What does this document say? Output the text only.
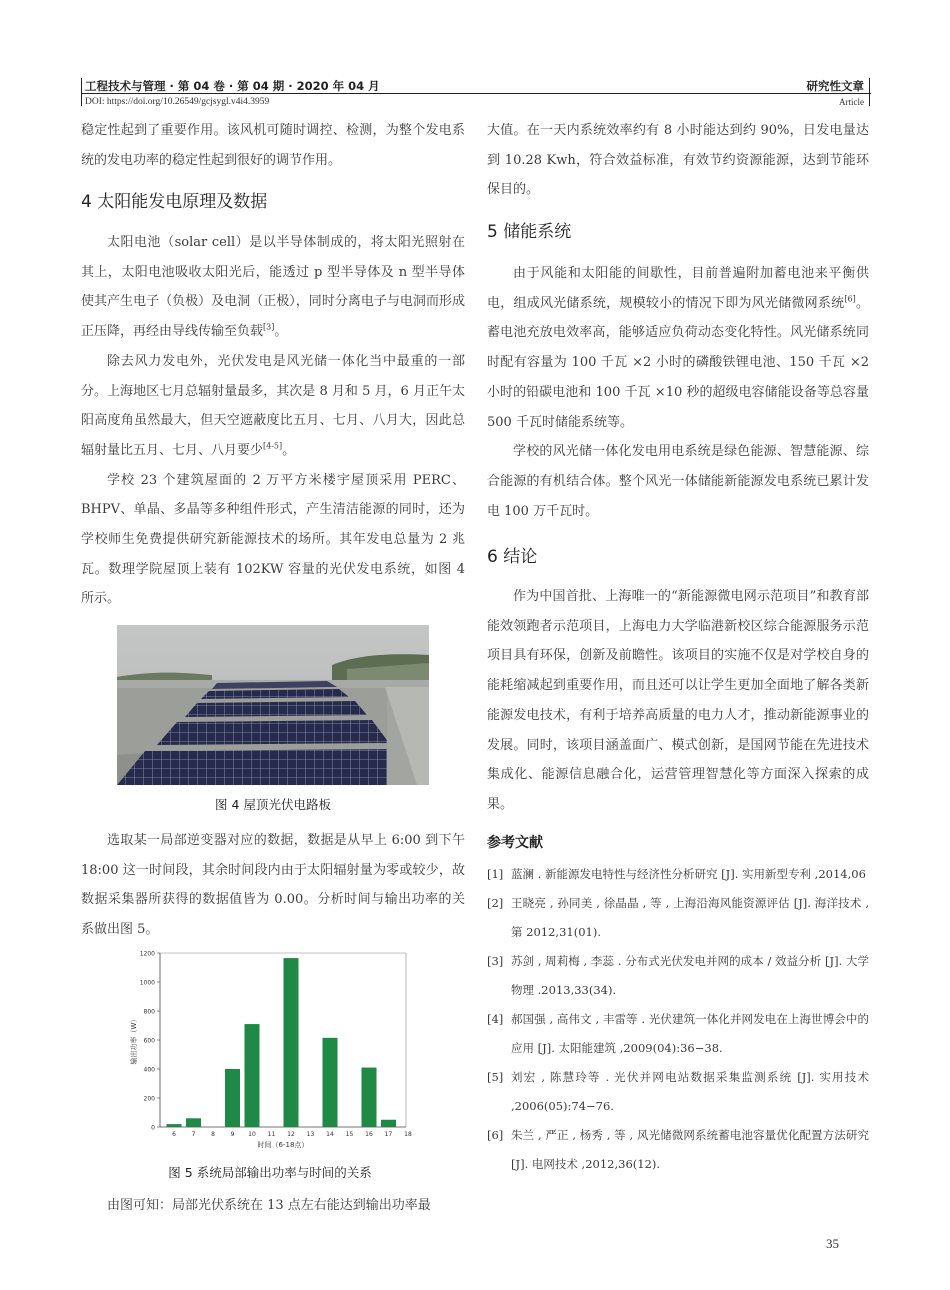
工程技术与管理 · 第 04 卷 · 第 04 期 · 2020 年 04 月
DOI: https://doi.org/10.26549/gcjsygl.v4i4.3959
研究性文章
Article

稳定性起到了重要作用。该风机可随时调控、检测，为整个发电系统的发电功率的稳定性起到很好的调节作用。

4 太阳能发电原理及数据

太阳电池（solar cell）是以半导体制成的，将太阳光照射在其上，太阳电池吸收太阳光后，能透过 p 型半导体及 n 型半导体使其产生电子（负极）及电洞（正极），同时分离电子与电洞而形成正压降，再经由导线传输至负载[3]。

除去风力发电外，光伏发电是风光储一体化当中最重的一部分。上海地区七月总辐射量最多，其次是 8 月和 5 月，6 月正午太阳高度角虽然最大，但天空遮蔽度比五月、七月、八月大，因此总辐射量比五月、七月、八月要少[4-5]。

学校 23 个建筑屋面的 2 万平方米楼宇屋顶采用 PERC、BHPV、单晶、多晶等多种组件形式，产生清洁能源的同时，还为学校师生免费提供研究新能源技术的场所。其年发电总量为 2 兆瓦。数理学院屋顶上装有 102KW 容量的光伏发电系统，如图 4 所示。

图 4 屋顶光伏电路板

选取某一局部逆变器对应的数据，数据是从早上 6:00 到下午 18:00 这一时间段，其余时间段内由于太阳辐射量为零或较少，故数据采集器所获得的数据值皆为 0.00。分析时间与输出功率的关系做出图 5。

0
200
400
600
800
1000
1200
6	7	8	9 10 11 12 13 14 15 16 17 18
时间（6-18点）
输出功率（W）
图 5 系统局部输出功率与时间的关系

由图可知：局部光伏系统在 13 点左右能达到输出功率最

大值。在一天内系统效率约有 8 小时能达到约 90%，日发电量达到 10.28 Kwh，符合效益标准，有效节约资源能源，达到节能环保目的。

5 储能系统

由于风能和太阳能的间歇性，目前普遍附加蓄电池来平衡供电，组成风光储系统，规模较小的情况下即为风光储微网系统[6]。蓄电池充放电效率高，能够适应负荷动态变化特性。风光储系统同时配有容量为 100 千瓦 ×2 小时的磷酸铁锂电池、150 千瓦 ×2 小时的铅碳电池和 100 千瓦 ×10 秒的超级电容储能设备等总容量 500 千瓦时储能系统等。

学校的风光储一体化发电用电系统是绿色能源、智慧能源、综合能源的有机结合体。整个风光一体储能新能源发电系统已累计发电 100 万千瓦时。

6 结论

作为中国首批、上海唯一的“新能源微电网示范项目”和教育部能效领跑者示范项目，上海电力大学临港新校区综合能源服务示范项目具有环保，创新及前瞻性。该项目的实施不仅是对学校自身的能耗缩减起到重要作用，而且还可以让学生更加全面地了解各类新能源发电技术，有利于培养高质量的电力人才，推动新能源事业的发展。同时，该项目涵盖面广、模式创新，是国网节能在先进技术集成化、能源信息融合化，运营管理智慧化等方面深入探索的成果。

参考文献

[1] 蓝澜 . 新能源发电特性与经济性分析研究 [J]. 实用新型专利 ,2014,06

[2] 王晓亮 , 孙同美 , 徐晶晶 , 等 , 上海沿海风能资源评估 [J]. 海洋技术 , 第 2012,31(01).

[3] 苏剑 , 周莉梅 , 李蕊 . 分布式光伏发电并网的成本 / 效益分析 [J]. 大学物理 .2013,33(34).

[4] 郝国强 , 高伟文 , 丰雷等 . 光伏建筑一体化并网发电在上海世博会中的应用 [J]. 太阳能建筑 ,2009(04):36−38.

[5] 刘宏 , 陈慧玲等 . 光伏并网电站数据采集监测系统 [J]. 实用技术 ,2006(05):74−76.

[6] 朱兰 , 严正 , 杨秀 , 等 , 风光储微网系统蓄电池容量优化配置方法研究 [J]. 电网技术 ,2012,36(12).

35
